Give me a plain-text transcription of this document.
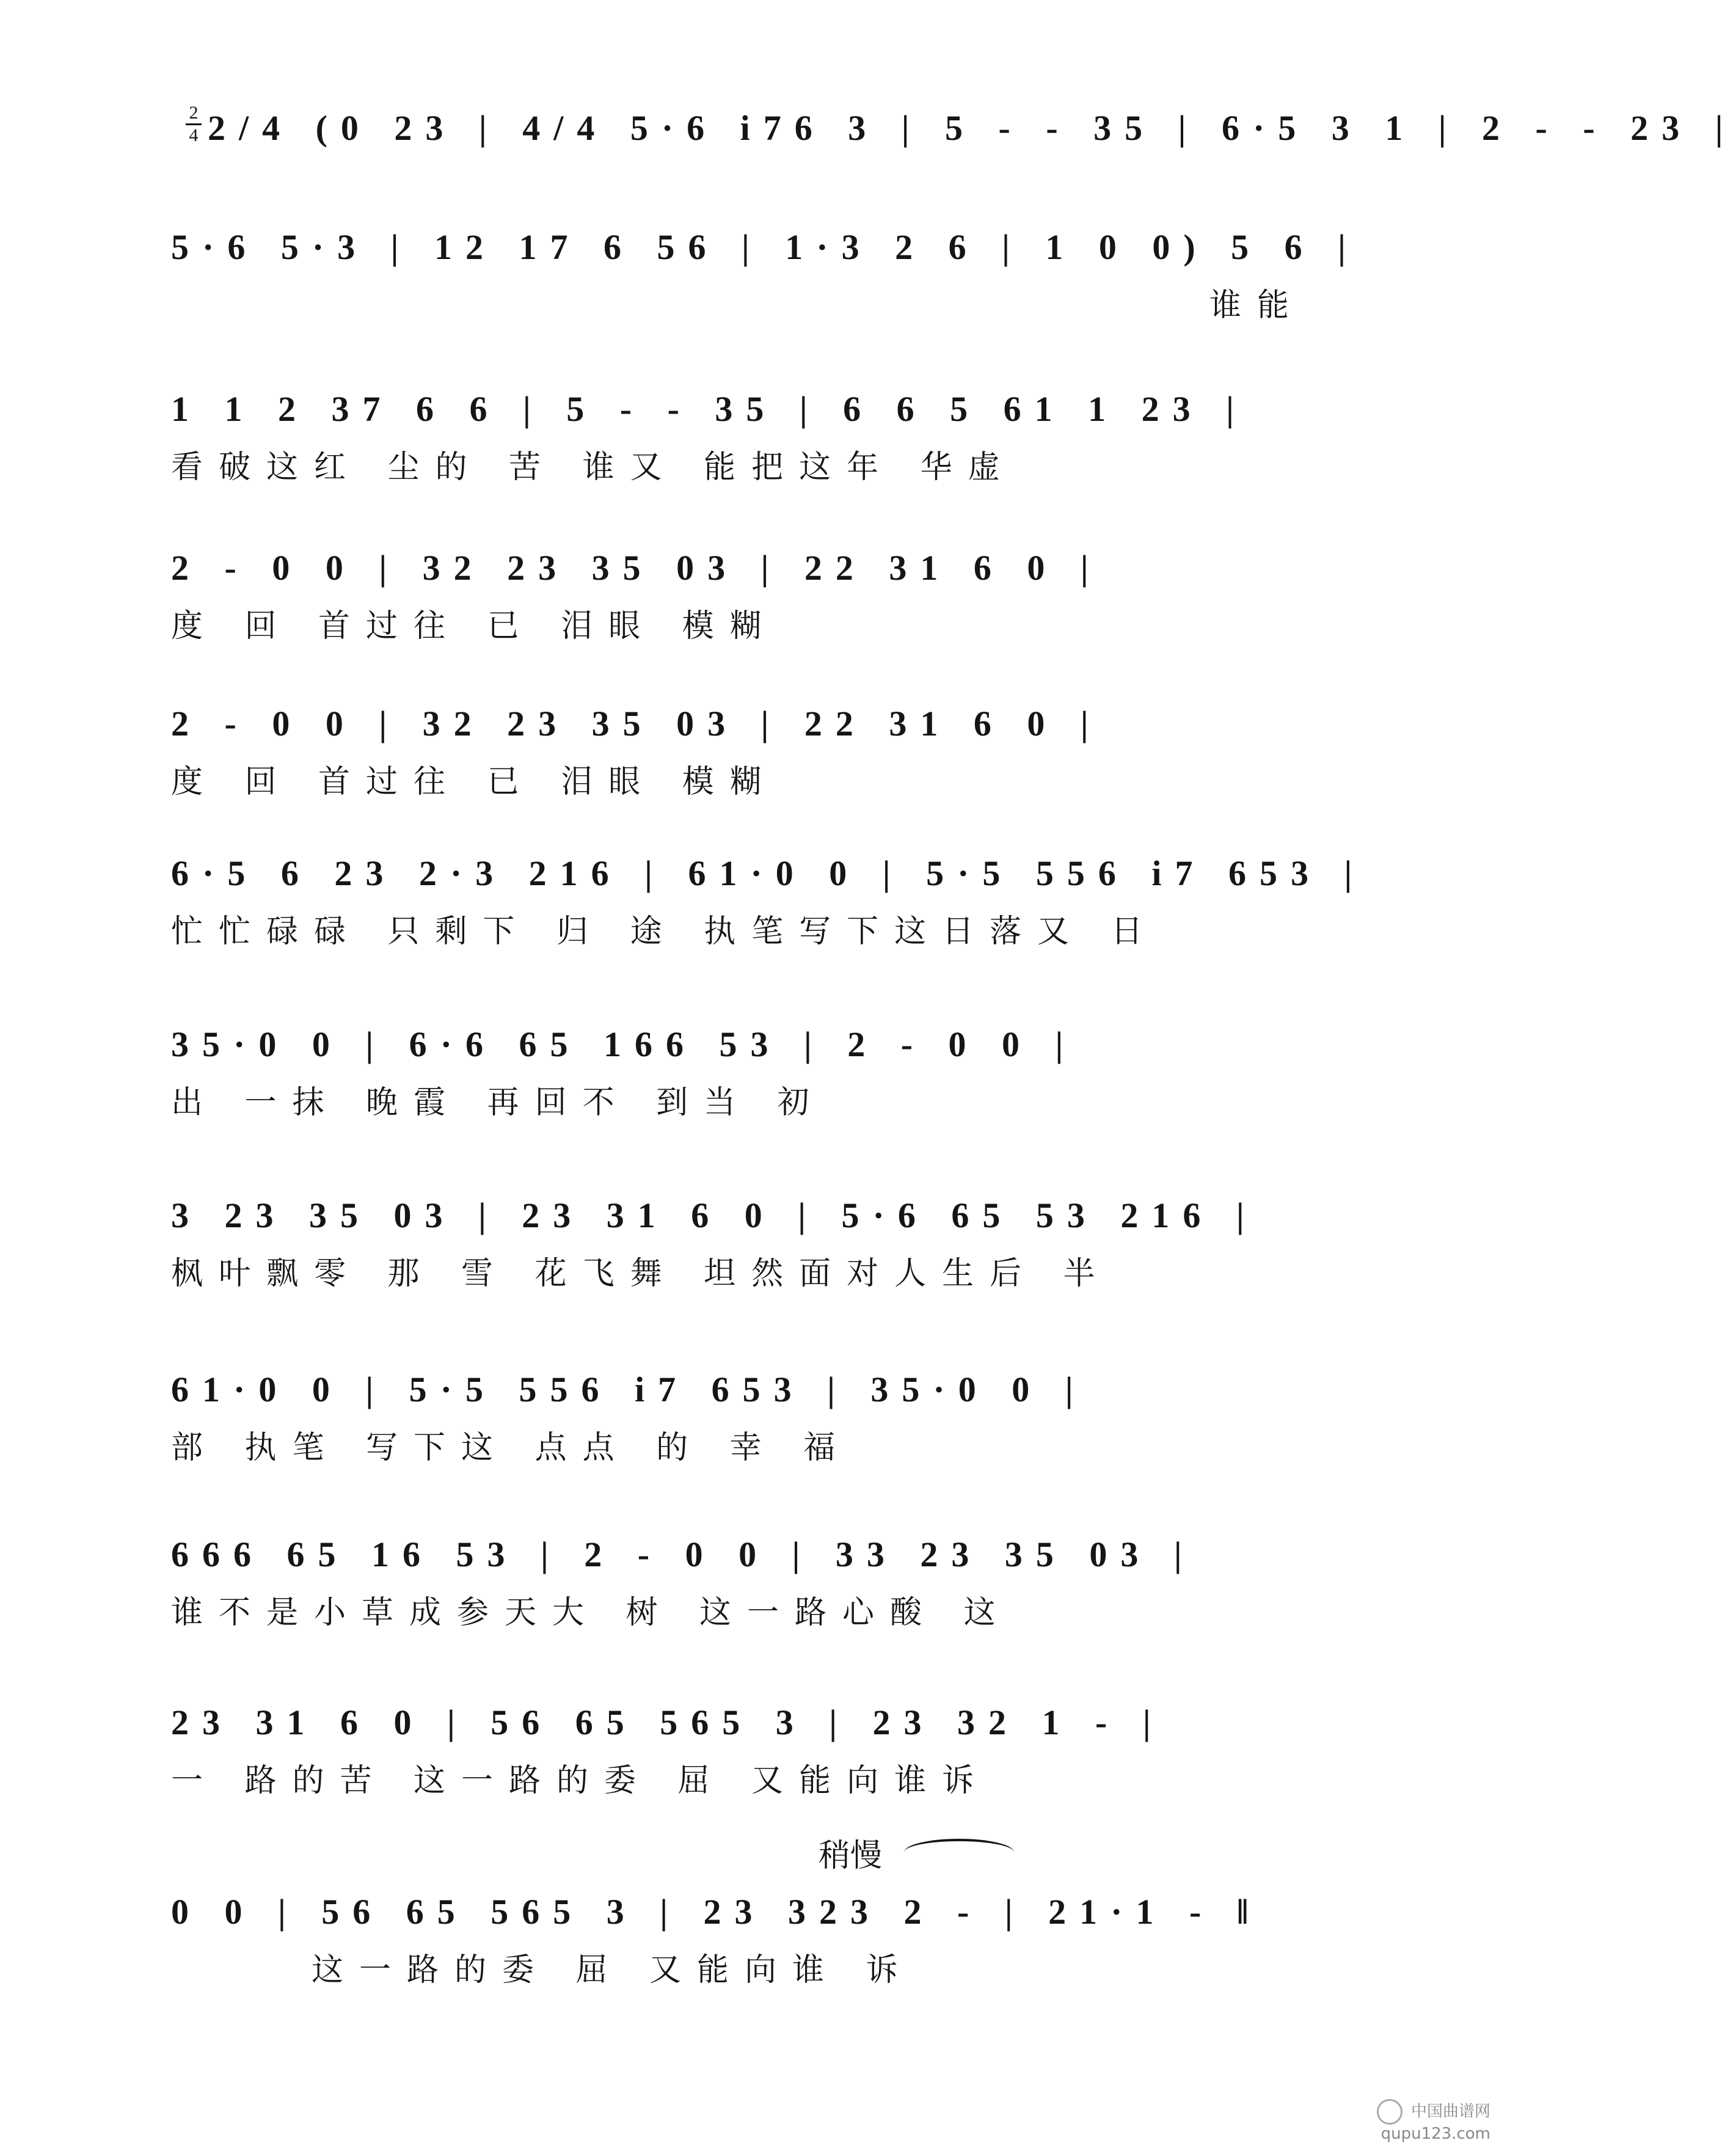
2
4 2/4 (0 23 | 4/4 5·6 i76 3 | 5 - - 35 | 6·5 3 1 | 2 - - 23 |
5·6 5·3 | 12 17 6 56 | 1·3 2 6 | 1 0 0) 5 6 |
谁能
1 1 2 37 6 6 | 5 - - 35 | 6 6 5 61 1 23 |
看破这红 尘的 苦 谁又 能把这年 华虚
2 - 0 0 | 32 23 35 03 | 22 31 6 0 |
度 回 首过往 已 泪眼 模糊
2 - 0 0 | 32 23 35 03 | 22 31 6 0 |
度 回 首过往 已 泪眼 模糊
6·5 6 23 2·3 216 | 61·0 0 | 5·5 556 i7 653 |
忙忙碌碌 只剩下 归 途 执笔写下这日落又 日
35·0 0 | 6·6 65 166 53 | 2 - 0 0 |
出 一抹 晚霞 再回不 到当 初
3 23 35 03 | 23 31 6 0 | 5·6 65 53 216 |
枫叶飘零 那 雪 花飞舞 坦然面对人生后 半
61·0 0 | 5·5 556 i7 653 | 35·0 0 |
部 执笔 写下这 点点 的 幸 福
666 65 16 53 | 2 - 0 0 | 33 23 35 03 |
谁不是小草成参天大 树 这一路心酸 这
23 31 6 0 | 56 65 565 3 | 23 32 1 - |
一 路的苦 这一路的委 屈 又能向谁诉
稍慢
0 0 | 56 65 565 3 | 23 323 2 - | 21·1 - ‖
这一路的委 屈 又能向谁 诉
中国曲谱网
qupu123.com
